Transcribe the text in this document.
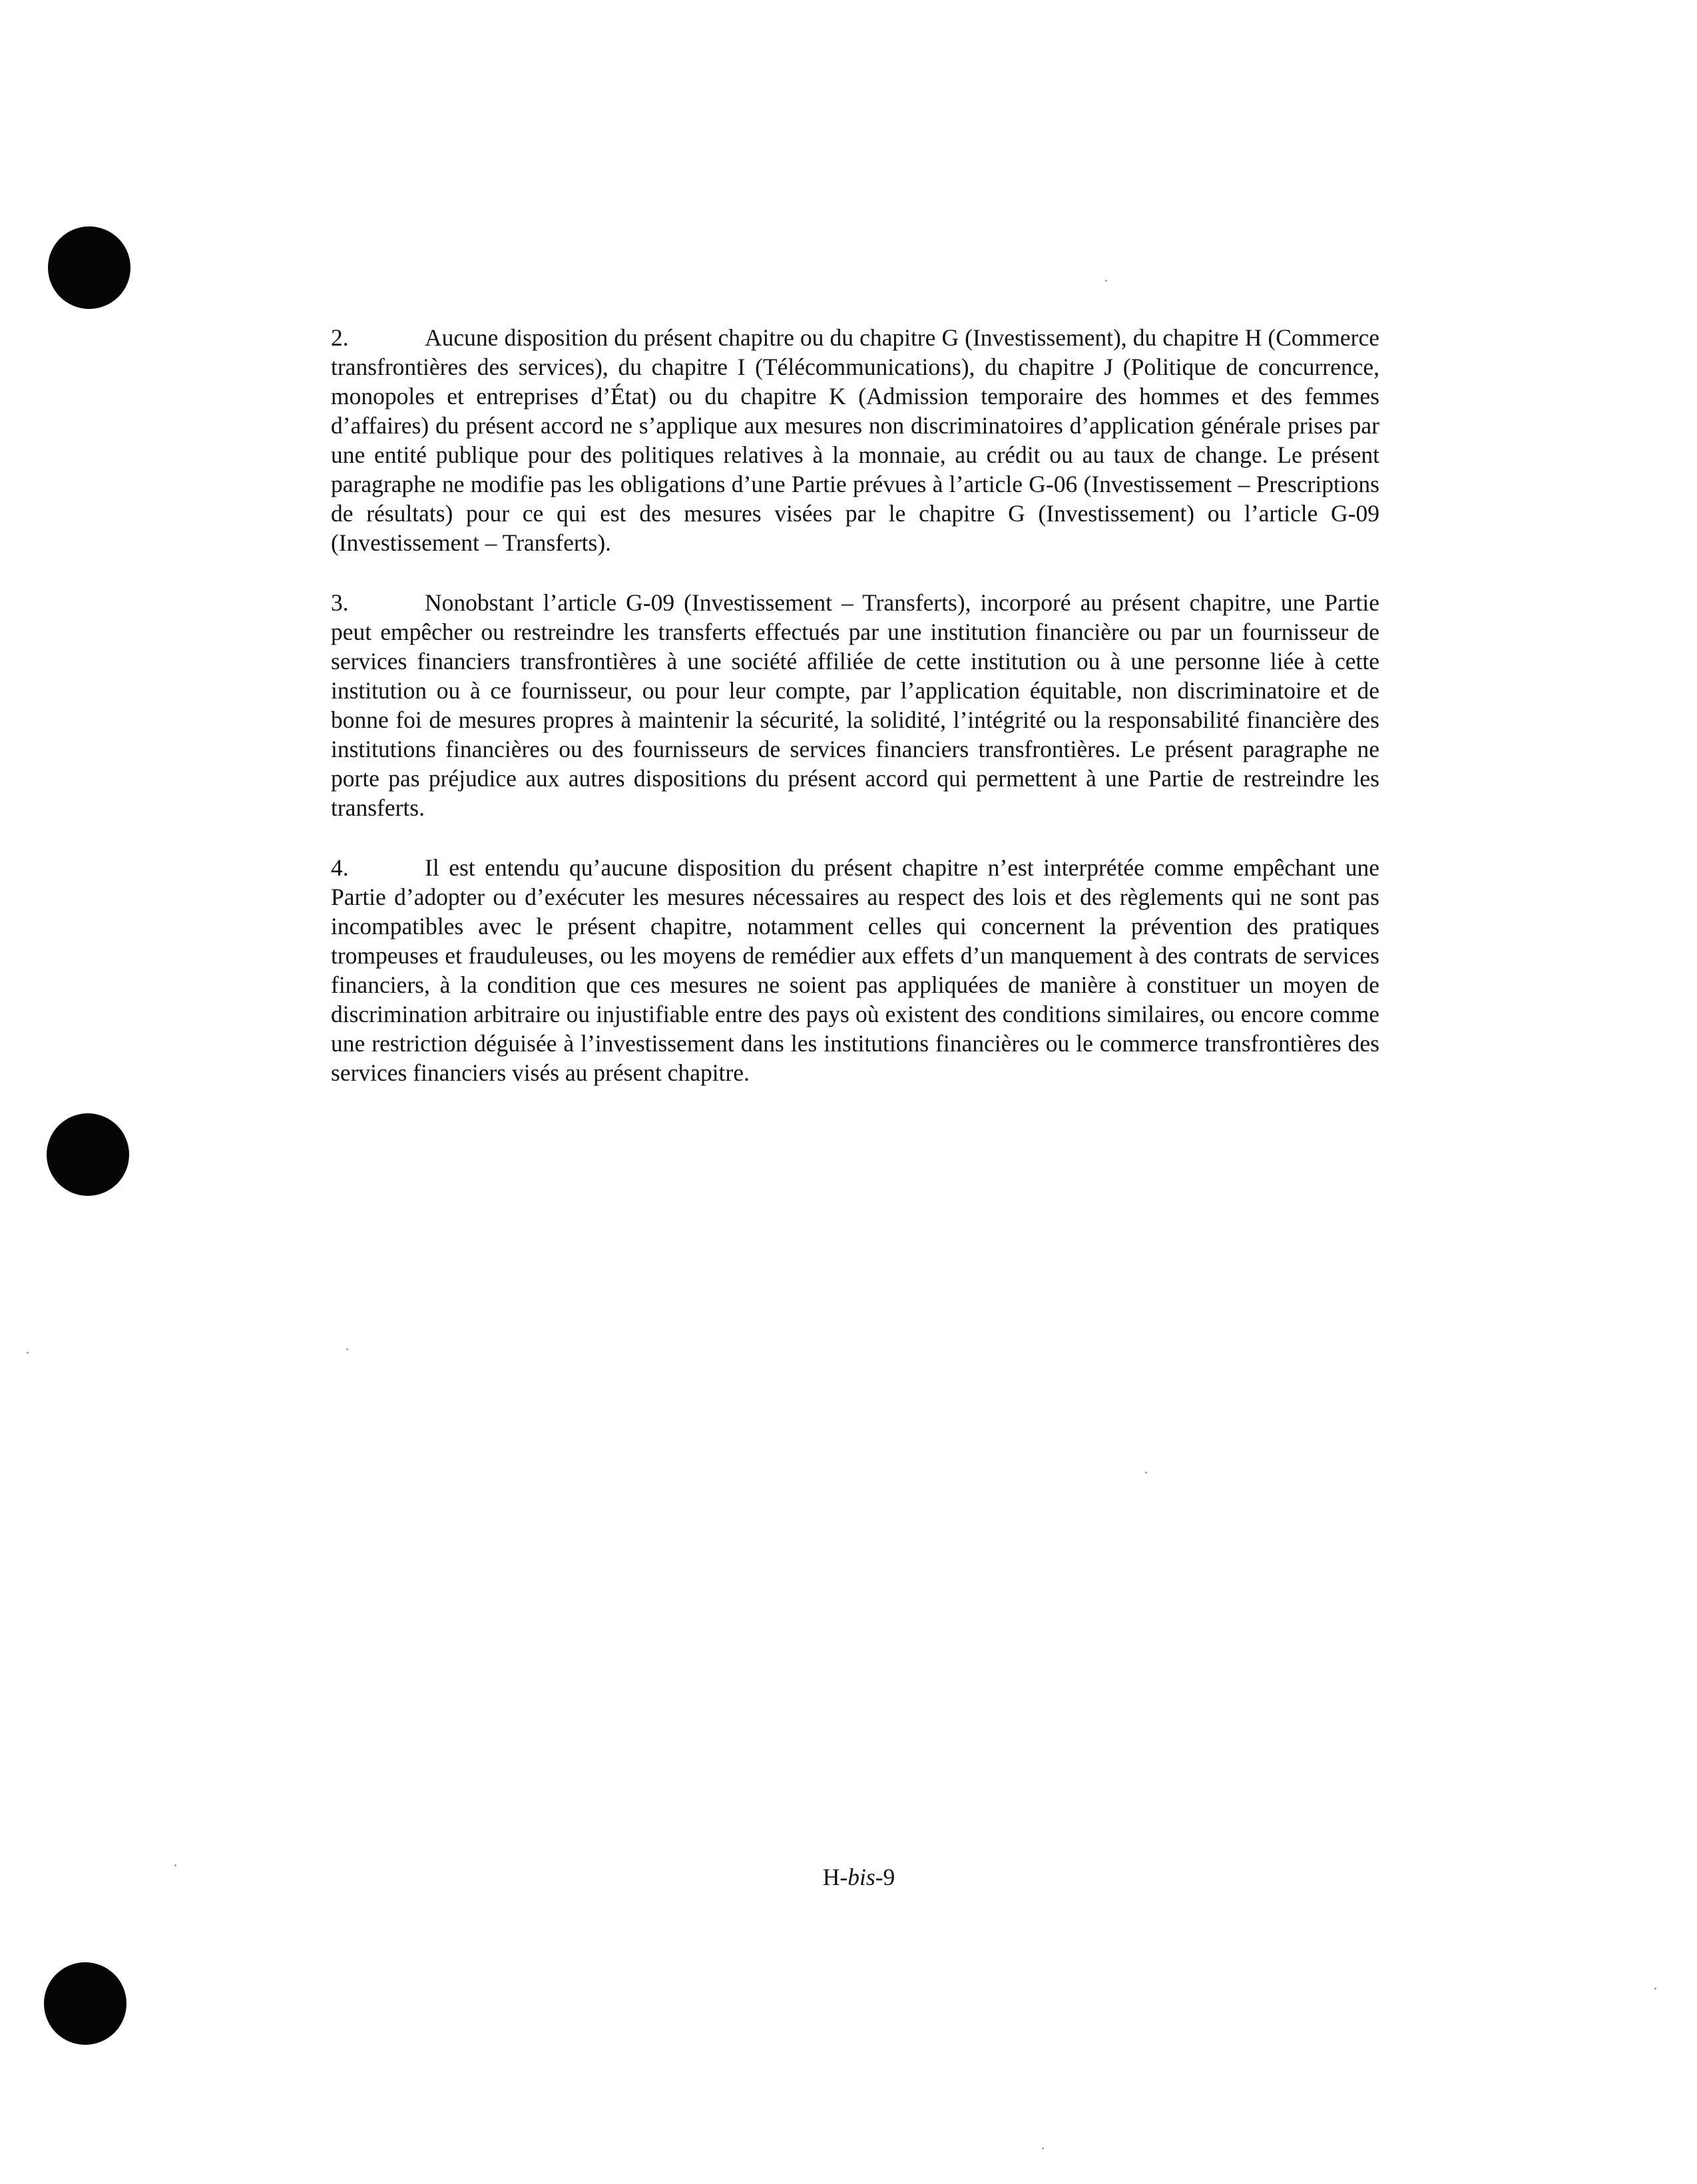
2.	Aucune disposition du présent chapitre ou du chapitre G (Investissement), du chapitre H (Commerce transfrontières des services), du chapitre I (Télécommunications), du chapitre J (Politique de concurrence, monopoles et entreprises d’État) ou du chapitre K (Admission temporaire des hommes et des femmes d’affaires) du présent accord ne s’applique aux mesures non discriminatoires d’application générale prises par une entité publique pour des politiques relatives à la monnaie, au crédit ou au taux de change. Le présent paragraphe ne modifie pas les obligations d’une Partie prévues à l’article G-06 (Investissement – Prescriptions de résultats) pour ce qui est des mesures visées par le chapitre G (Investissement) ou l’article G-09 (Investissement – Transferts).

3.	Nonobstant l’article G-09 (Investissement – Transferts), incorporé au présent chapitre, une Partie peut empêcher ou restreindre les transferts effectués par une institution financière ou par un fournisseur de services financiers transfrontières à une société affiliée de cette institution ou à une personne liée à cette institution ou à ce fournisseur, ou pour leur compte, par l’application équitable, non discriminatoire et de bonne foi de mesures propres à maintenir la sécurité, la solidité, l’intégrité ou la responsabilité financière des institutions financières ou des fournisseurs de services financiers transfrontières. Le présent paragraphe ne porte pas préjudice aux autres dispositions du présent accord qui permettent à une Partie de restreindre les transferts.

4.	Il est entendu qu’aucune disposition du présent chapitre n’est interprétée comme empêchant une Partie d’adopter ou d’exécuter les mesures nécessaires au respect des lois et des règlements qui ne sont pas incompatibles avec le présent chapitre, notamment celles qui concernent la prévention des pratiques trompeuses et frauduleuses, ou les moyens de remédier aux effets d’un manquement à des contrats de services financiers, à la condition que ces mesures ne soient pas appliquées de manière à constituer un moyen de discrimination arbitraire ou injustifiable entre des pays où existent des conditions similaires, ou encore comme une restriction déguisée à l’investissement dans les institutions financières ou le commerce transfrontières des services financiers visés au présent chapitre.

H-bis-9
